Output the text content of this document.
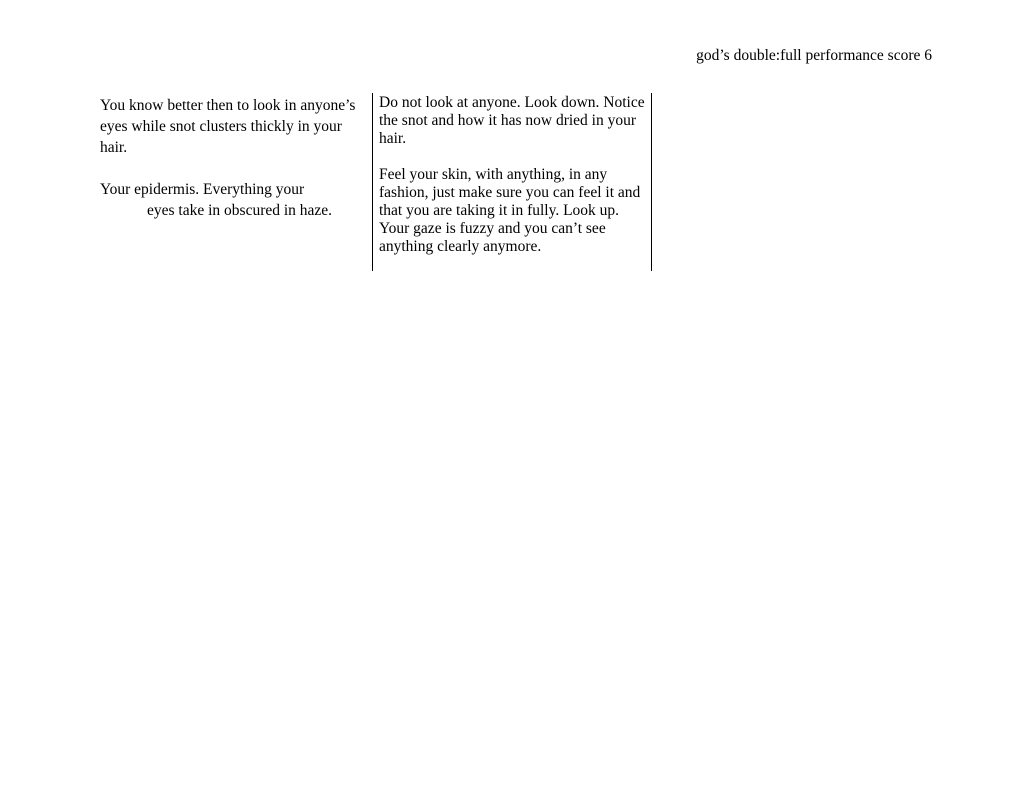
god’s double:full performance score 6

You know better then to look in anyone’s eyes while snot clusters thickly in your hair.

Your epidermis. Everything your
eyes take in obscured in haze.

Do not look at anyone. Look down. Notice the snot and how it has now dried in your hair.

Feel your skin, with anything, in any fashion, just make sure you can feel it and that you are taking it in fully. Look up. Your gaze is fuzzy and you can’t see anything clearly anymore.
